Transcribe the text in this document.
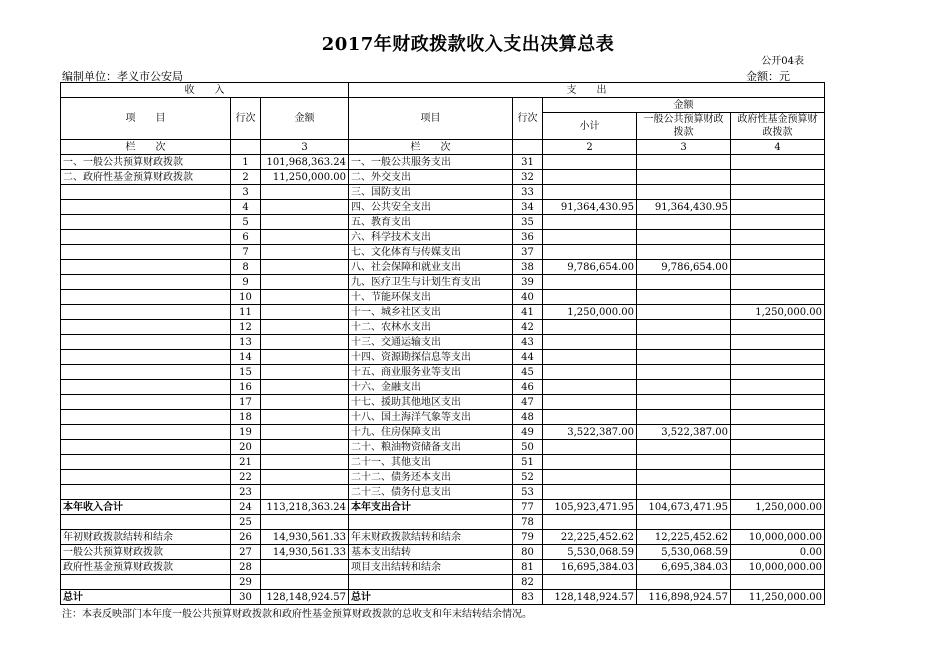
2017年财政拨款收入支出决算总表
公开04表
编制单位：孝义市公安局	金额：元
收　　入			支　　出				
项　　目	行次	金额	项目	行次	金额		
					小计	一般公共预算财政拨款	政府性基金预算财政拨款

栏　　次		3	栏　　次		2	3	4
一、一般公共预算财政拨款	1	101,968,363.24	一、一般公共服务支出	31			
二、政府性基金预算财政拨款	2	11,250,000.00	二、外交支出	32			
	3		三、国防支出	33			
	4		四、公共安全支出	34	91,364,430.95	91,364,430.95	
	5		五、教育支出	35			
	6		六、科学技术支出	36			
	7		七、文化体育与传媒支出	37			
	8		八、社会保障和就业支出	38	9,786,654.00	9,786,654.00	
	9		九、医疗卫生与计划生育支出	39			
	10		十、节能环保支出	40			
	11		十一、城乡社区支出	41	1,250,000.00		1,250,000.00
	12		十二、农林水支出	42			
	13		十三、交通运输支出	43			
	14		十四、资源勘探信息等支出	44			
	15		十五、商业服务业等支出	45			
	16		十六、金融支出	46			
	17		十七、援助其他地区支出	47			
	18		十八、国土海洋气象等支出	48			
	19		十九、住房保障支出	49	3,522,387.00	3,522,387.00	
	20		二十、粮油物资储备支出	50			
	21		二十一、其他支出	51			
	22		二十二、债务还本支出	52			
	23		二十三、债务付息支出	53			
本年收入合计	24	113,218,363.24	本年支出合计	77	105,923,471.95	104,673,471.95	1,250,000.00
	25			78			
年初财政拨款结转和结余	26	14,930,561.33	年末财政拨款结转和结余	79	22,225,452.62	12,225,452.62	10,000,000.00
一般公共预算财政拨款	27	14,930,561.33	基本支出结转	80	5,530,068.59	5,530,068.59	0.00
政府性基金预算财政拨款	28		项目支出结转和结余	81	16,695,384.03	6,695,384.03	10,000,000.00
	29			82			
总计	30	128,148,924.57	总计	83	128,148,924.57	116,898,924.57	11,250,000.00
注：本表反映部门本年度一般公共预算财政拨款和政府性基金预算财政拨款的总收支和年末结转结余情况。
